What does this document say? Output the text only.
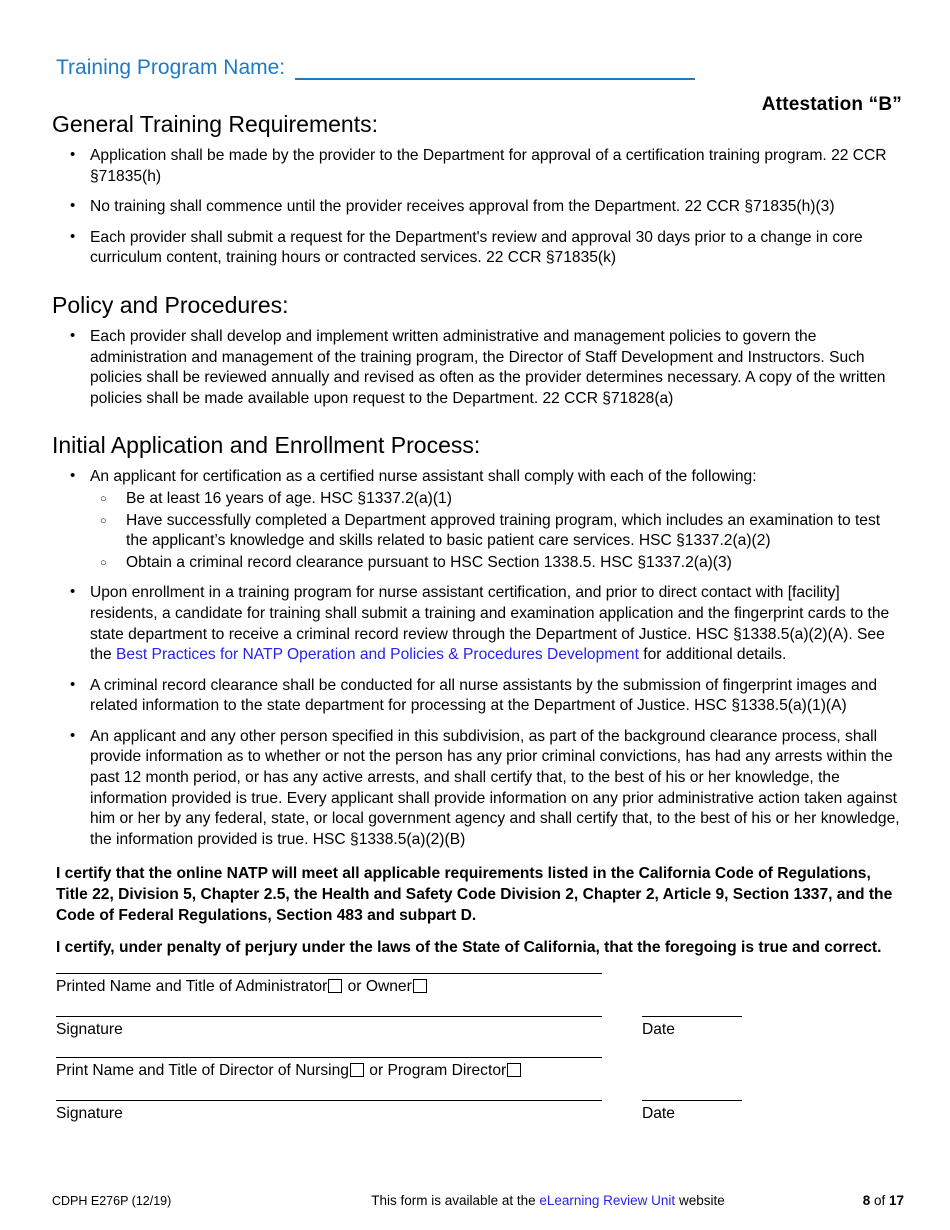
Training Program Name:
Attestation “B”
General Training Requirements:
• Application shall be made by the provider to the Department for approval of a certification training program. 22 CCR §71835(h)
• No training shall commence until the provider receives approval from the Department. 22 CCR §71835(h)(3)
• Each provider shall submit a request for the Department's review and approval 30 days prior to a change in core curriculum content, training hours or contracted services. 22 CCR §71835(k)
Policy and Procedures:
• Each provider shall develop and implement written administrative and management policies to govern the administration and management of the training program, the Director of Staff Development and Instructors. Such policies shall be reviewed annually and revised as often as the provider determines necessary. A copy of the written policies shall be made available upon request to the Department. 22 CCR §71828(a)
Initial Application and Enrollment Process:
• An applicant for certification as a certified nurse assistant shall comply with each of the following:
○ Be at least 16 years of age. HSC §1337.2(a)(1)
○ Have successfully completed a Department approved training program, which includes an examination to test the applicant’s knowledge and skills related to basic patient care services. HSC §1337.2(a)(2)
○ Obtain a criminal record clearance pursuant to HSC Section 1338.5. HSC §1337.2(a)(3)
• Upon enrollment in a training program for nurse assistant certification, and prior to direct contact with [facility] residents, a candidate for training shall submit a training and examination application and the fingerprint cards to the state department to receive a criminal record review through the Department of Justice. HSC §1338.5(a)(2)(A). See the Best Practices for NATP Operation and Policies & Procedures Development for additional details.
• A criminal record clearance shall be conducted for all nurse assistants by the submission of fingerprint images and related information to the state department for processing at the Department of Justice. HSC §1338.5(a)(1)(A)
• An applicant and any other person specified in this subdivision, as part of the background clearance process, shall provide information as to whether or not the person has any prior criminal convictions, has had any arrests within the past 12 month period, or has any active arrests, and shall certify that, to the best of his or her knowledge, the information provided is true. Every applicant shall provide information on any prior administrative action taken against him or her by any federal, state, or local government agency and shall certify that, to the best of his or her knowledge, the information provided is true. HSC §1338.5(a)(2)(B)

I certify that the online NATP will meet all applicable requirements listed in the California Code of Regulations, Title 22, Division 5, Chapter 2.5, the Health and Safety Code Division 2, Chapter 2, Article 9, Section 1337, and the Code of Federal Regulations, Section 483 and subpart D.

I certify, under penalty of perjury under the laws of the State of California, that the foregoing is true and correct.

Printed Name and Title of Administrator or Owner
Signature	Date
Print Name and Title of Director of Nursing or Program Director
Signature	Date
CDPH E276P (12/19)	This form is available at the eLearning Review Unit website	8 of 17
